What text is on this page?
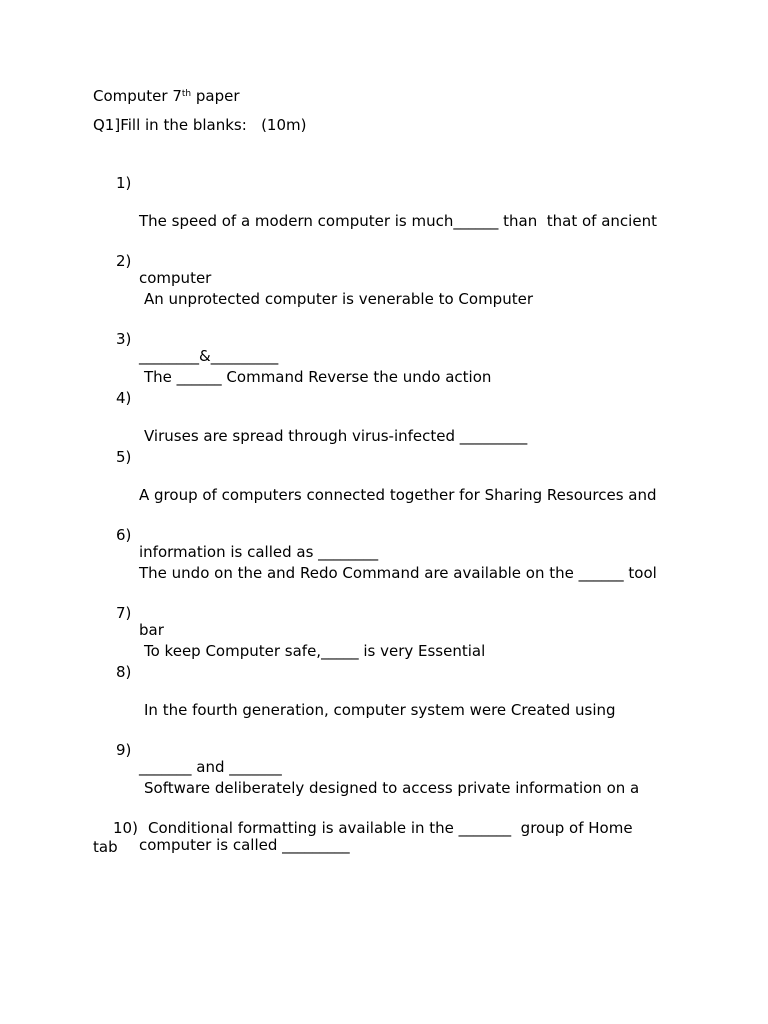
Computer 7th paper
Q1]Fill in the blanks:   (10m)
1)

The speed of a modern computer is much______ than  that of ancient

computer

2)

An unprotected computer is venerable to Computer

________&_________

3)

The ______ Command Reverse the undo action

4)

Viruses are spread through virus-infected _________

5)

A group of computers connected together for Sharing Resources and

information is called as ________

6)

The undo on the and Redo Command are available on the ______ tool

bar

7)

To keep Computer safe,_____ is very Essential

8)

In the fourth generation, computer system were Created using

_______ and _______

9)

Software deliberately designed to access private information on a

computer is called _________

10) Conditional formatting is available in the _______  group of Home
tab
